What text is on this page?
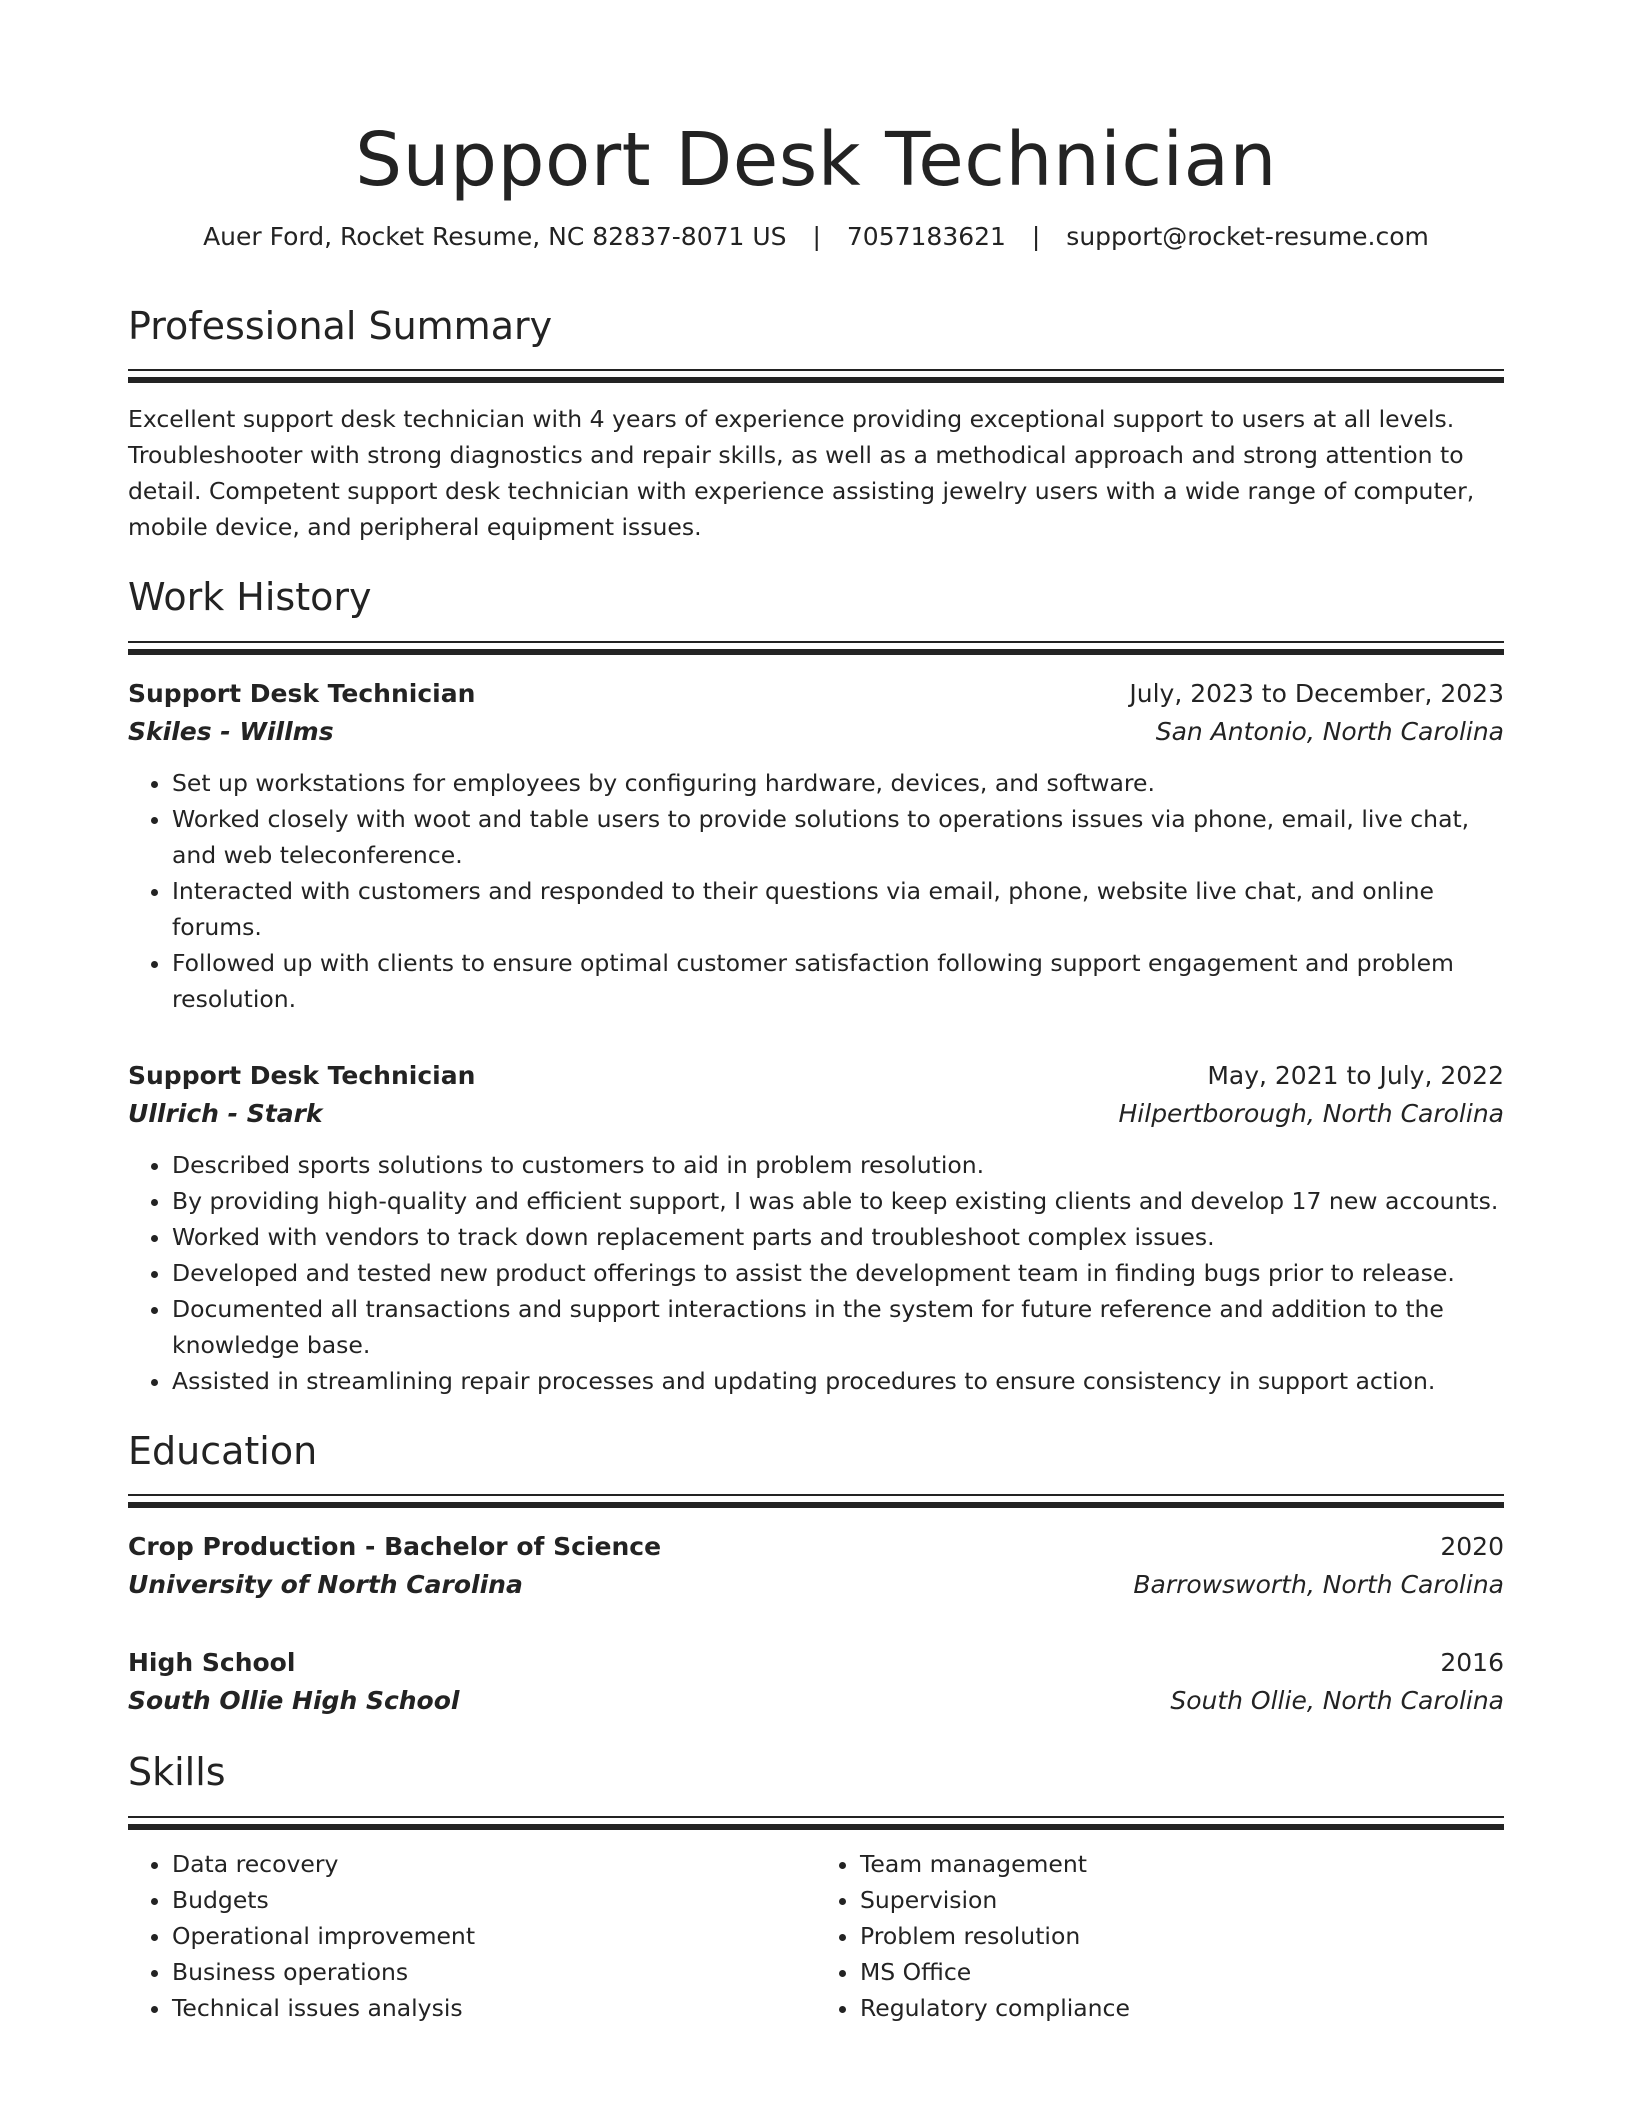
Support Desk Technician
Auer Ford, Rocket Resume, NC 82837-8071 US | 7057183621 | support@rocket-resume.com
Professional Summary

Excellent support desk technician with 4 years of experience providing exceptional support to users at all levels. Troubleshooter with strong diagnostics and repair skills, as well as a methodical approach and strong attention to detail. Competent support desk technician with experience assisting jewelry users with a wide range of computer, mobile device, and peripheral equipment issues.

Work History
Support Desk Technician	July, 2023 to December, 2023
Skiles - Willms	San Antonio, North Carolina
• Set up workstations for employees by configuring hardware, devices, and software.
• Worked closely with woot and table users to provide solutions to operations issues via phone, email, live chat, and web teleconference.
• Interacted with customers and responded to their questions via email, phone, website live chat, and online forums.
• Followed up with clients to ensure optimal customer satisfaction following support engagement and problem resolution.
Support Desk Technician	May, 2021 to July, 2022
Ullrich - Stark	Hilpertborough, North Carolina
• Described sports solutions to customers to aid in problem resolution.
• By providing high-quality and efficient support, I was able to keep existing clients and develop 17 new accounts.
• Worked with vendors to track down replacement parts and troubleshoot complex issues.
• Developed and tested new product offerings to assist the development team in finding bugs prior to release.
• Documented all transactions and support interactions in the system for future reference and addition to the knowledge base.
• Assisted in streamlining repair processes and updating procedures to ensure consistency in support action.
Education
Crop Production - Bachelor of Science	2020
University of North Carolina	Barrowsworth, North Carolina
High School	2016
South Ollie High School	South Ollie, North Carolina
Skills
• Data recovery
• Budgets
• Operational improvement
• Business operations
• Technical issues analysis
• Team management
• Supervision
• Problem resolution
• MS Office
• Regulatory compliance
